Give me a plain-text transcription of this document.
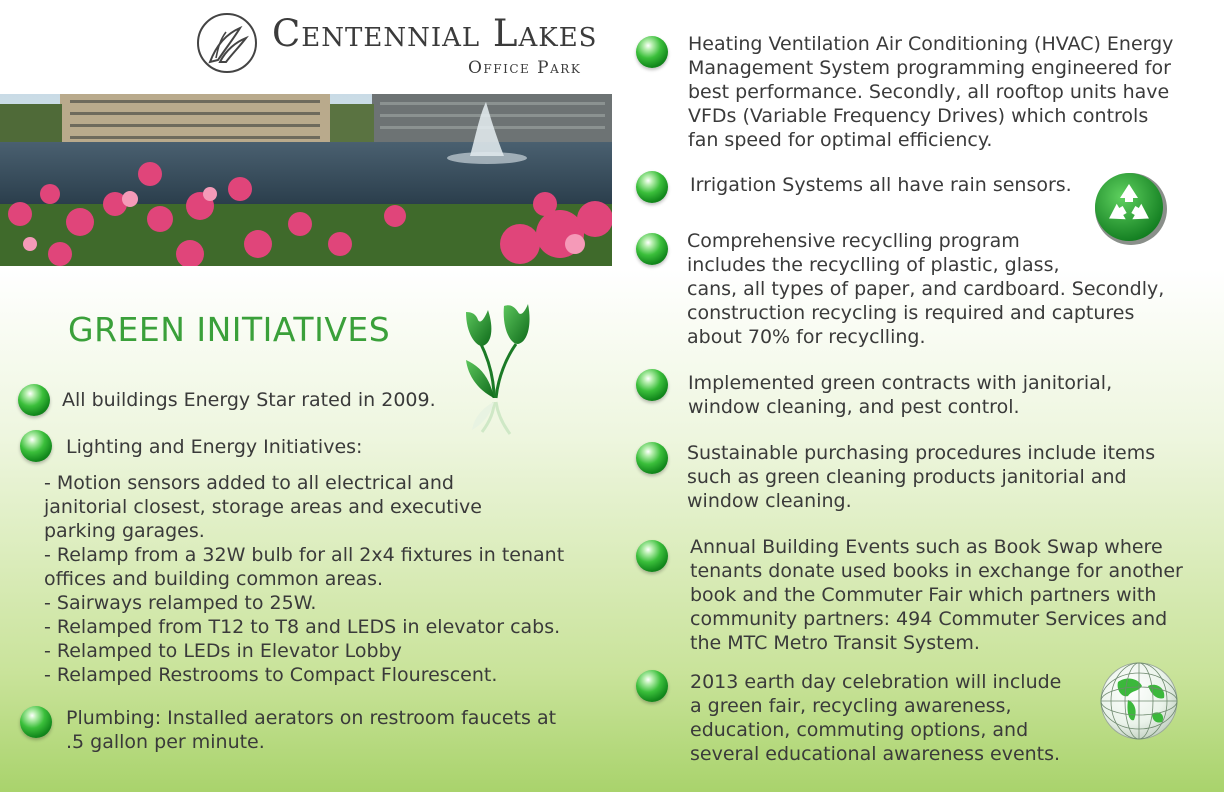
Centennial Lakes
Office Park
GREEN INITIATIVES
All buildings Energy Star rated in 2009.
Lighting and Energy Initiatives:
- Motion sensors added to all electrical and
janitorial closest, storage areas and executive
parking garages.
- Relamp from a 32W bulb for all 2x4 fixtures in tenant
offices and building common areas.
- Sairways relamped to 25W.
- Relamped from T12 to T8 and LEDS in elevator cabs.
- Relamped to LEDs in Elevator Lobby
- Relamped Restrooms to Compact Flourescent.
Plumbing: Installed aerators on restroom faucets at
.5 gallon per minute.
Heating Ventilation Air Conditioning (HVAC) Energy
Management System programming engineered for
best performance. Secondly, all rooftop units have
VFDs (Variable Frequency Drives) which controls
fan speed for optimal efficiency.
Irrigation Systems all have rain sensors.
Comprehensive recyclling program
includes the recyclling of plastic, glass,
cans, all types of paper, and cardboard. Secondly,
construction recycling is required and captures
about 70% for recyclling.
Implemented green contracts with janitorial,
window cleaning, and pest control.
Sustainable purchasing procedures include items
such as green cleaning products janitorial and
window cleaning.
Annual Building Events such as Book Swap where
tenants donate used books in exchange for another
book and the Commuter Fair which partners with
community partners: 494 Commuter Services and
the MTC Metro Transit System.
2013 earth day celebration will include
a green fair, recycling awareness,
education, commuting options, and
several educational awareness events.
